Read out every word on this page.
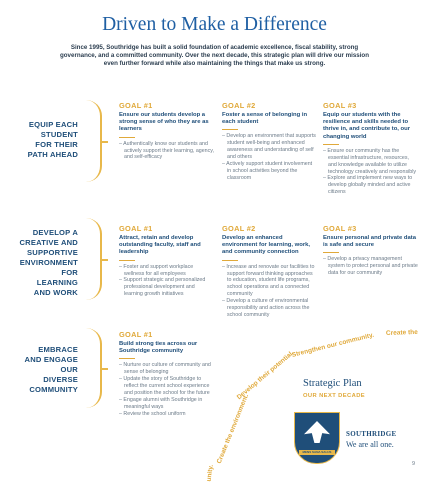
Driven to Make a Difference
Since 1995, Southridge has built a solid foundation of academic excellence, fiscal stability, strong governance, and a committed community. Over the next decade, this strategic plan will drive our mission even further forward while also maintaining the things that make us strong.
EQUIP EACH STUDENT FOR THEIR PATH AHEAD
GOAL #1
Ensure our students develop a strong sense of who they are as learners
– Authentically know our students and actively support their learning, agency, and self-efficacy
GOAL #2
Foster a sense of belonging in each student
– Develop an environment that supports student well-being and enhanced awareness and understanding of self and others
– Actively support student involvement in school activities beyond the classroom
GOAL #3
Equip our students with the resilience and skills needed to thrive in, and contribute to, our changing world
– Ensure our community has the essential infrastructure, resources, and knowledge available to utilize technology creatively and responsibly
– Explore and implement new ways to develop globally minded and active citizens
DEVELOP A CREATIVE AND SUPPORTIVE ENVIRONMENT FOR LEARNING AND WORK
GOAL #1
Attract, retain and develop outstanding faculty, staff and leadership
– Foster and support workplace wellness for all employees
– Support strategic and personalized professional development and learning growth initiatives
GOAL #2
Develop an enhanced environment for learning, work, and community connection
– Increase and renovate our facilities to support forward thinking approaches to education, student life programs, school operations and a connected community
– Develop a culture of environmental responsibility and action across the school community
GOAL #3
Ensure personal and private data is safe and secure
– Develop a privacy management system to protect personal and private data for our community
EMBRACE AND ENGAGE OUR DIVERSE COMMUNITY
GOAL #1
Build strong ties across our Southridge community
– Nurture our culture of community and sense of belonging
– Update the story of Southridge to reflect the current school experience and position the school for the future
– Engage alumni with Southridge in meaningful ways
– Review the school uniform
Strengthen our community. Create the
Develop their potential.
Create the environment.
unity.
Strategic Plan
OUR NEXT DECADE
MENS SANA SALUS
SOUTHRIDGE
We are all one.
9
